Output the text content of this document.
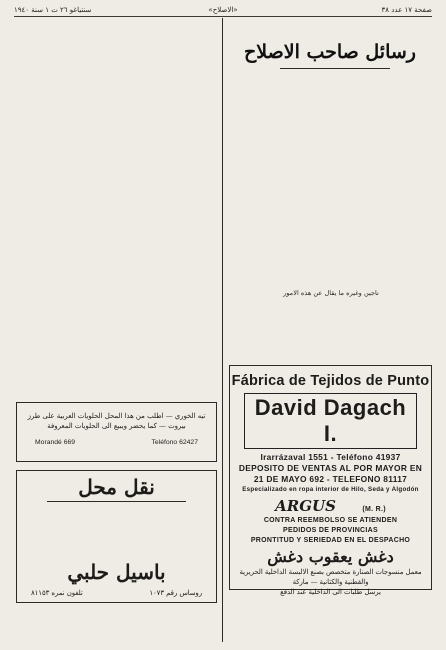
صفحة ١٧ عدد ٣٨
«الاصلاح»
سنتياغو ٢٦ ت ١ سنة ١٩٤٠
رسائل صاحب الاصلاح

ناجين وغيره ما يقال عن هذه الامور

Fábrica de Tejidos de Punto
David Dagach I.
Irarrázaval 1551 - Teléfono 41937
DEPOSITO DE VENTAS AL POR MAYOR EN
21 DE MAYO 692 - TELEFONO 81117
Especializado en ropa interior de Hilo, Seda y Algodón
ARGUS	(M. R.)
CONTRA REEMBOLSO SE ATIENDEN
PEDIDOS DE PROVINCIAS
PRONTITUD Y SERIEDAD EN EL DESPACHO
دغش يعقوب دغش
معمل منسوجات الصنارة متخصص بصنع الالبسة الداخلية الحريرية
والقطنية والكتانية — ماركة
يرسل طلبات الى الداخلية عند الدفع

تيه الخوري — اطلب من هذا المحل الحلويات العربية على طرز
بيروت — كما يحضر ويبيع الى الحلويات المعروفة
Morandé 669	Teléfono 62427
نقل محل

باسيل حلبي
روساس رقم ١٠٧٣
تلفون نمره ٨١١٥٣
